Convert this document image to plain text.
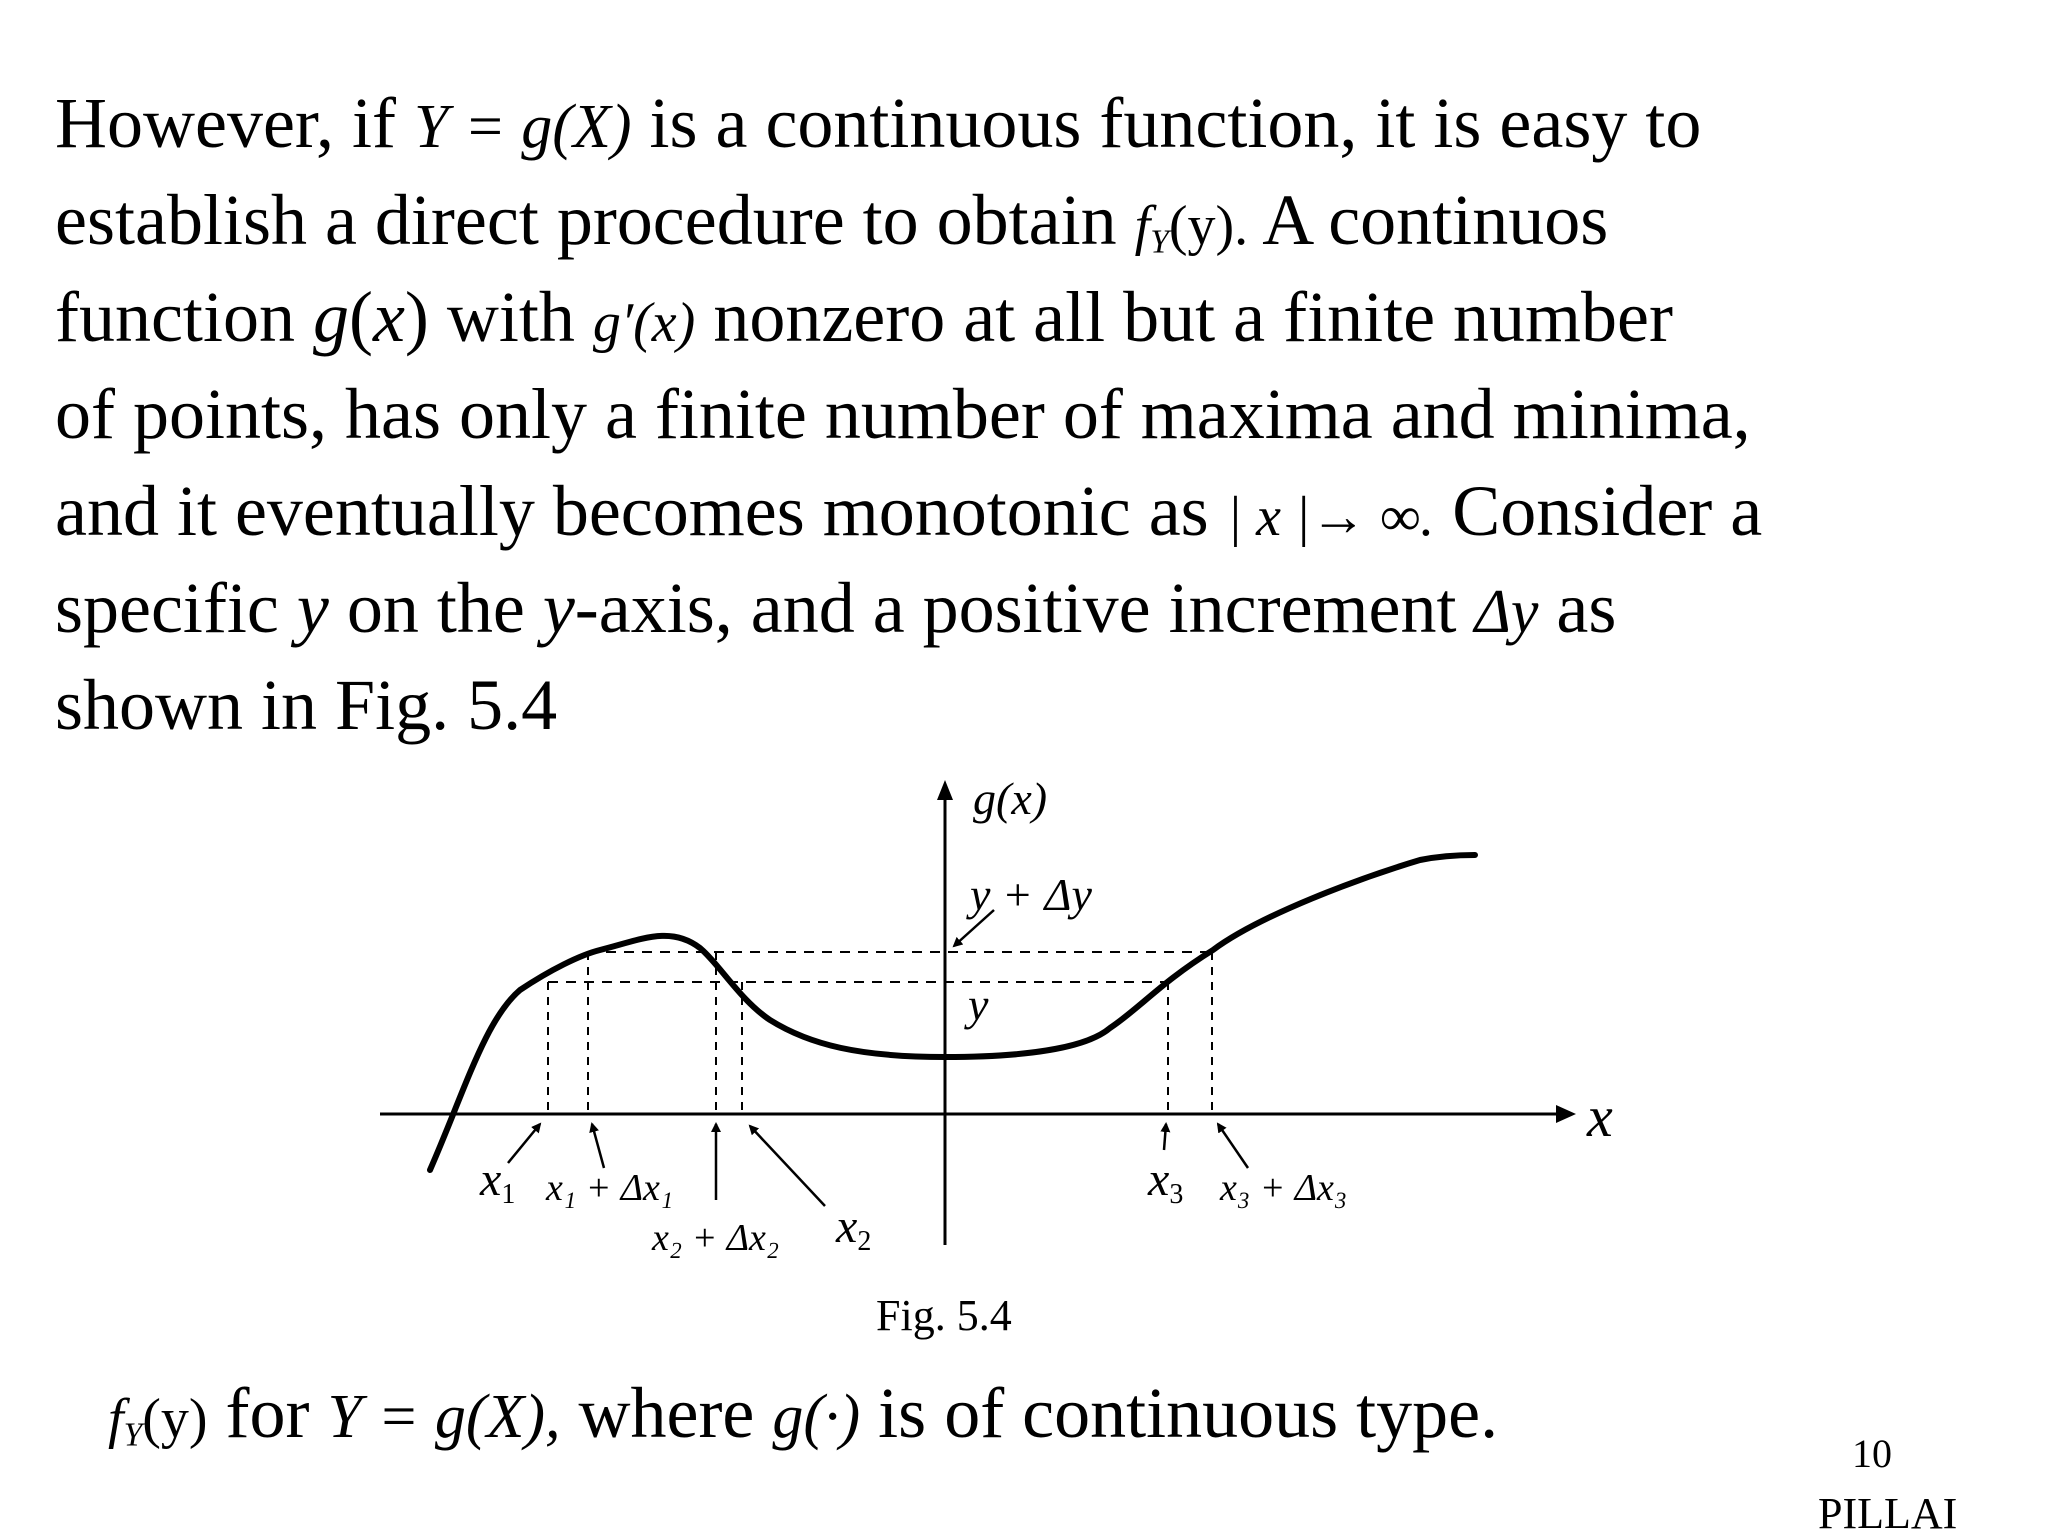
However, if Y = g(X) is a continuous function, it is easy to
establish a direct procedure to obtain $f_Y(y)$. A continuos
function g(x) with g′(x) nonzero at all but a finite number
of points, has only a finite number of maxima and minima,
and it eventually becomes monotonic as | x |→ ∞. Consider a
specific y on the y-axis, and a positive increment Δy as
shown in Fig. 5.4
g(x)
x
y + Δy
y
x1 x₁ + Δx₁
x₂ + Δx₂ x2
x3 x₃ + Δx₃
Fig. 5.4
$f_Y(y)$ for Y = g(X), where g(·) is of continuous type.
10
PILLAI
